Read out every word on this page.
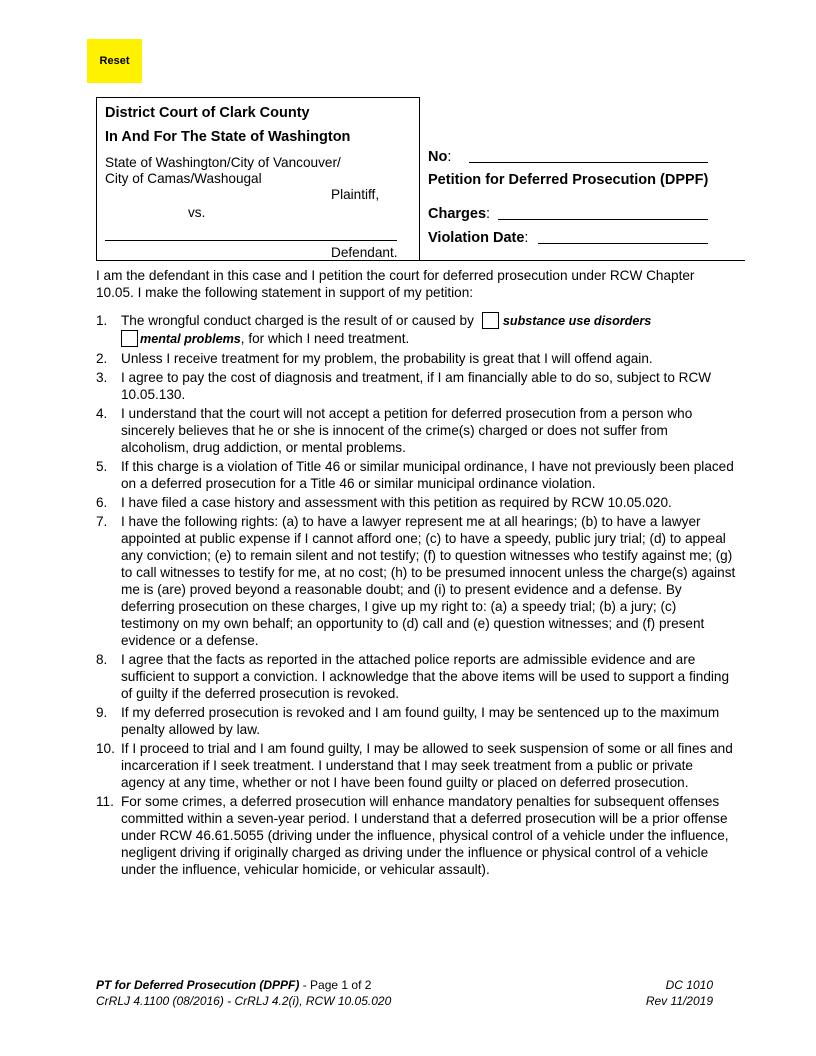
Reset
District Court of Clark County
In And For The State of Washington
State of Washington/City of Vancouver/
City of Camas/Washougal
Plaintiff,
vs.
Defendant.
No:
Petition for Deferred Prosecution (DPPF)
Charges:
Violation Date:

I am the defendant in this case and I petition the court for deferred prosecution under RCW Chapter 10.05. I make the following statement in support of my petition:

1. The wrongful conduct charged is the result of or caused by substance use disorders
mental problems, for which I need treatment.
2. Unless I receive treatment for my problem, the probability is great that I will offend again.
3. I agree to pay the cost of diagnosis and treatment, if I am financially able to do so, subject to RCW 10.05.130.
4. I understand that the court will not accept a petition for deferred prosecution from a person who sincerely believes that he or she is innocent of the crime(s) charged or does not suffer from alcoholism, drug addiction, or mental problems.
5. If this charge is a violation of Title 46 or similar municipal ordinance, I have not previously been placed on a deferred prosecution for a Title 46 or similar municipal ordinance violation.
6. I have filed a case history and assessment with this petition as required by RCW 10.05.020.
7. I have the following rights: (a) to have a lawyer represent me at all hearings; (b) to have a lawyer appointed at public expense if I cannot afford one; (c) to have a speedy, public jury trial; (d) to appeal any conviction; (e) to remain silent and not testify; (f) to question witnesses who testify against me; (g) to call witnesses to testify for me, at no cost; (h) to be presumed innocent unless the charge(s) against me is (are) proved beyond a reasonable doubt; and (i) to present evidence and a defense. By deferring prosecution on these charges, I give up my right to: (a) a speedy trial; (b) a jury; (c) testimony on my own behalf; an opportunity to (d) call and (e) question witnesses; and (f) present evidence or a defense.
8. I agree that the facts as reported in the attached police reports are admissible evidence and are sufficient to support a conviction. I acknowledge that the above items will be used to support a finding of guilty if the deferred prosecution is revoked.
9. If my deferred prosecution is revoked and I am found guilty, I may be sentenced up to the maximum penalty allowed by law.
10. If I proceed to trial and I am found guilty, I may be allowed to seek suspension of some or all fines and incarceration if I seek treatment. I understand that I may seek treatment from a public or private agency at any time, whether or not I have been found guilty or placed on deferred prosecution.
11. For some crimes, a deferred prosecution will enhance mandatory penalties for subsequent offenses committed within a seven-year period. I understand that a deferred prosecution will be a prior offense under RCW 46.61.5055 (driving under the influence, physical control of a vehicle under the influence, negligent driving if originally charged as driving under the influence or physical control of a vehicle under the influence, vehicular homicide, or vehicular assault).
PT for Deferred Prosecution (DPPF) - Page 1 of 2
CrRLJ 4.1100 (08/2016) - CrRLJ 4.2(i), RCW 10.05.020
DC 1010
Rev 11/2019
